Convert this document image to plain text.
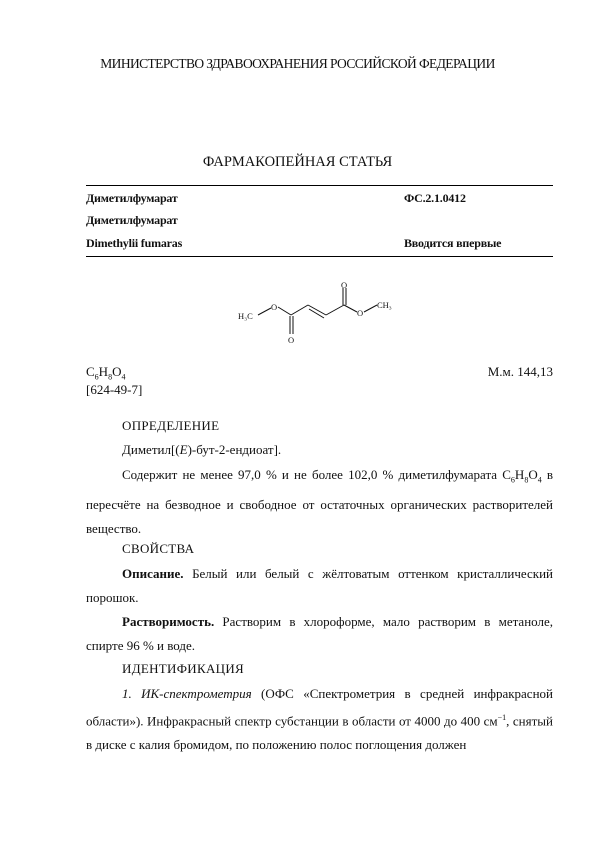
МИНИСТЕРСТВО ЗДРАВООХРАНЕНИЯ РОССИЙСКОЙ ФЕДЕРАЦИИ
ФАРМАКОПЕЙНАЯ СТАТЬЯ
Диметилфумарат	ФС.2.1.0412
Диметилфумарат
Dimethylii fumaras	Вводится впервые
H₃C
O
O
O
O
CH₃
$C_6H_8O_4$	М.м. 144,13
[624-49-7]
ОПРЕДЕЛЕНИЕ

Диметил[(E)-бут-2-ендиоат].

Содержит не менее 97,0 % и не более 102,0 % диметилфумарата $C_6H_8O_4$ в пересчёте на безводное и свободное от остаточных органических растворителей вещество.

СВОЙСТВА

Описание. Белый или белый с жёлтоватым оттенком кристаллический порошок.

Растворимость. Растворим в хлороформе, мало растворим в метаноле, спирте 96 % и воде.

ИДЕНТИФИКАЦИЯ

1. ИК-спектрометрия (ОФС «Спектрометрия в средней инфракрасной области»). Инфракрасный спектр субстанции в области от 4000 до 400 $см^{-1}$, снятый в диске с калия бромидом, по положению полос поглощения должен
